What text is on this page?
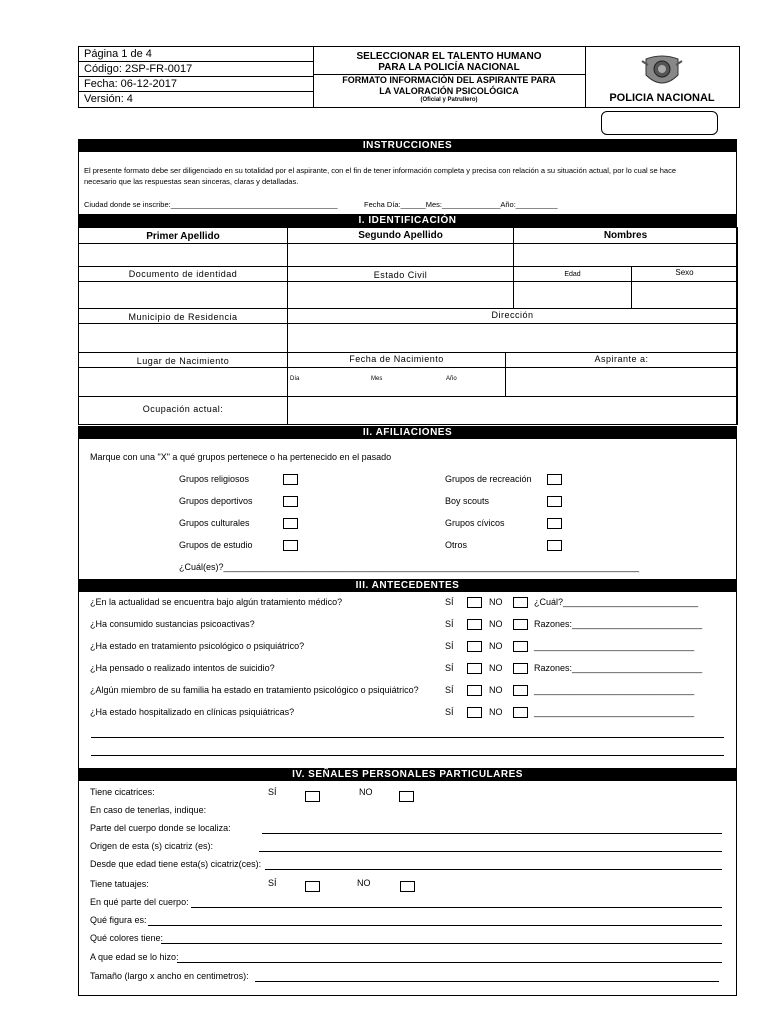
Página 1 de 4
Código: 2SP-FR-0017
Fecha: 06-12-2017
Versión: 4
SELECCIONAR EL TALENTO HUMANO
PARA LA POLICÍA NACIONAL
FORMATO INFORMACIÓN DEL ASPIRANTE PARA
LA VALORACIÓN PSICOLÓGICA
(Oficial y Patrullero)	POLICIA NACIONAL
INSTRUCCIONES
El presente formato debe ser diligenciado en su totalidad por el aspirante, con el fin de tener información completa y precisa con relación a su situación actual, por lo cual se hace
necesario que las respuestas sean sinceras, claras y detalladas.
Ciudad donde se inscribe:________________________________________	Fecha Día:______Mes:______________Año:__________
I. IDENTIFICACIÓN
Primer Apellido	Segundo Apellido	Nombres
Documento de identidad	Estado Civil	Edad	Sexo
Municipio de Residencia	Dirección
Lugar de Nacimiento	Fecha de Nacimiento	Aspirante a:
Día	Mes	Año
Ocupación actual:
II. AFILIACIONES
Marque con una "X" a qué grupos pertenece o ha pertenecido en el pasado
Grupos religiosos
Grupos deportivos
Grupos culturales
Grupos de estudio
Grupos de recreación
Boy scouts
Grupos cívicos
Otros
¿Cuál(es)?___________________________________________________________________________________
III. ANTECEDENTES
¿En la actualidad se encuentra bajo algún tratamiento médico?	SÍ	NO	¿Cuál?___________________________
¿Ha consumido sustancias psicoactivas?	SÍ	NO	Razones:__________________________
¿Ha estado en tratamiento psicológico o psiquiátrico?	SÍ	NO	________________________________
¿Ha pensado o realizado intentos de suicidio?	SÍ	NO	Razones:__________________________
¿Algún miembro de su familia ha estado en tratamiento psicológico o psiquiátrico?	SÍ	NO	________________________________
¿Ha estado hospitalizado en clínicas psiquiátricas?	SÍ	NO	________________________________
IV. SEÑALES PERSONALES PARTICULARES
Tiene cicatrices:	SÍ	NO
En caso de tenerlas, indique:
Parte del cuerpo donde se localiza:
Origen de esta (s) cicatriz (es):
Desde que edad tiene esta(s) cicatriz(ces):
Tiene tatuajes:	SÍ	NO
En qué parte del cuerpo:
Qué figura es:
Qué colores tiene:
A que edad se lo hizo:
Tamaño (largo x ancho en centimetros):
